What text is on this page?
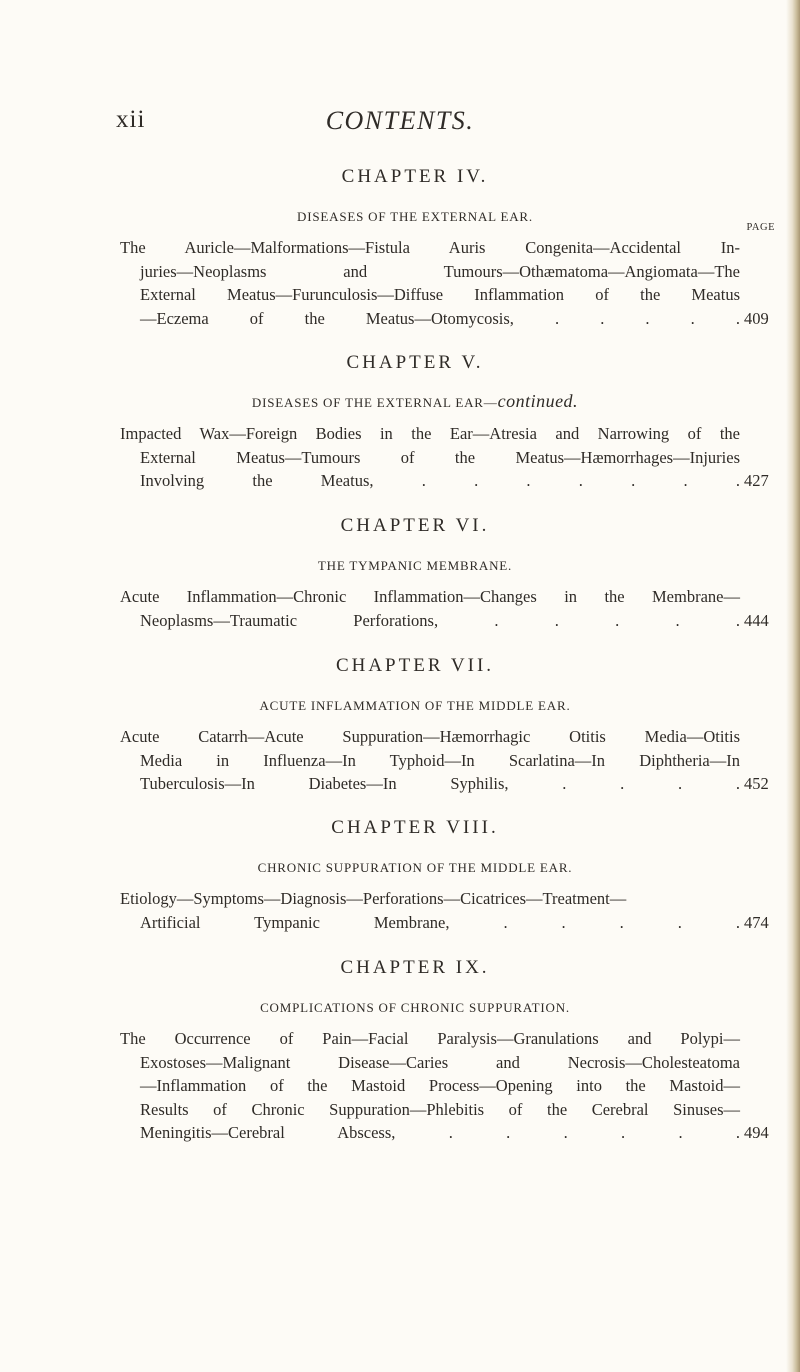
xii	CONTENTS.
PAGE
CHAPTER IV.
DISEASES OF THE EXTERNAL EAR.
The Auricle—Malformations—Fistula Auris Congenita—Accidental In-
juries—Neoplasms and Tumours—Othæmatoma—Angiomata—The
External Meatus—Furunculosis—Diffuse Inflammation of the Meatus
—Eczema of the Meatus—Otomycosis, . . . . . 409
CHAPTER V.
DISEASES OF THE EXTERNAL EAR—continued.
Impacted Wax—Foreign Bodies in the Ear—Atresia and Narrowing of the
External Meatus—Tumours of the Meatus—Hæmorrhages—Injuries
Involving the Meatus, . . . . . . . 427
CHAPTER VI.
THE TYMPANIC MEMBRANE.
Acute Inflammation—Chronic Inflammation—Changes in the Membrane—
Neoplasms—Traumatic Perforations, . . . . . 444
CHAPTER VII.
ACUTE INFLAMMATION OF THE MIDDLE EAR.
Acute Catarrh—Acute Suppuration—Hæmorrhagic Otitis Media—Otitis
Media in Influenza—In Typhoid—In Scarlatina—In Diphtheria—In
Tuberculosis—In Diabetes—In Syphilis, . . . . 452
CHAPTER VIII.
CHRONIC SUPPURATION OF THE MIDDLE EAR.
Etiology—Symptoms—Diagnosis—Perforations—Cicatrices—Treatment—
Artificial Tympanic Membrane, . . . . . 474
CHAPTER IX.
COMPLICATIONS OF CHRONIC SUPPURATION.
The Occurrence of Pain—Facial Paralysis—Granulations and Polypi—
Exostoses—Malignant Disease—Caries and Necrosis—Cholesteatoma
—Inflammation of the Mastoid Process—Opening into the Mastoid—
Results of Chronic Suppuration—Phlebitis of the Cerebral Sinuses—
Meningitis—Cerebral Abscess, . . . . . . 494
